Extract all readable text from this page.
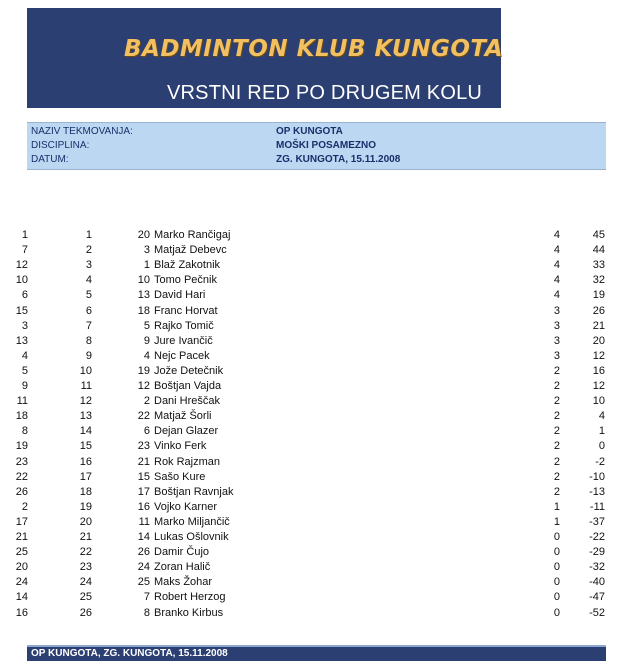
BADMINTON KLUB KUNGOTA
VRSTNI RED PO DRUGEM KOLU
NAZIV TEKMOVANJA:	OP KUNGOTA
DISCIPLINA:	MOŠKI POSAMEZNO
DATUM:	ZG. KUNGOTA, 15.11.2008
1	1	20 Marko Rančigaj	4	45
7	2	3 Matjaž Debevc	4	44
12	3	1 Blaž Zakotnik	4	33
10	4	10 Tomo Pečnik	4	32
6	5	13 David Hari	4	19
15	6	18 Franc Horvat	3	26
3	7	5 Rajko Tomič	3	21
13	8	9 Jure Ivančič	3	20
4	9	4 Nejc Pacek	3	12
5	10	19 Jože Detečnik	2	16
9	11	12 Boštjan Vajda	2	12
11	12	2 Dani Hreščak	2	10
18	13	22 Matjaž Šorli	2	4
8	14	6 Dejan Glazer	2	1
19	15	23 Vinko Ferk	2	0
23	16	21 Rok Rajzman	2	-2
22	17	15 Sašo Kure	2	-10
26	18	17 Boštjan Ravnjak	2	-13
2	19	16 Vojko Karner	1	-11
17	20	11 Marko Miljančič	1	-37
21	21	14 Lukas Ošlovnik	0	-22
25	22	26 Damir Čujo	0	-29
20	23	24 Zoran Halič	0	-32
24	24	25 Maks Žohar	0	-40
14	25	7 Robert Herzog	0	-47
16	26	8 Branko Kirbus	0	-52
OP KUNGOTA, ZG. KUNGOTA, 15.11.2008
